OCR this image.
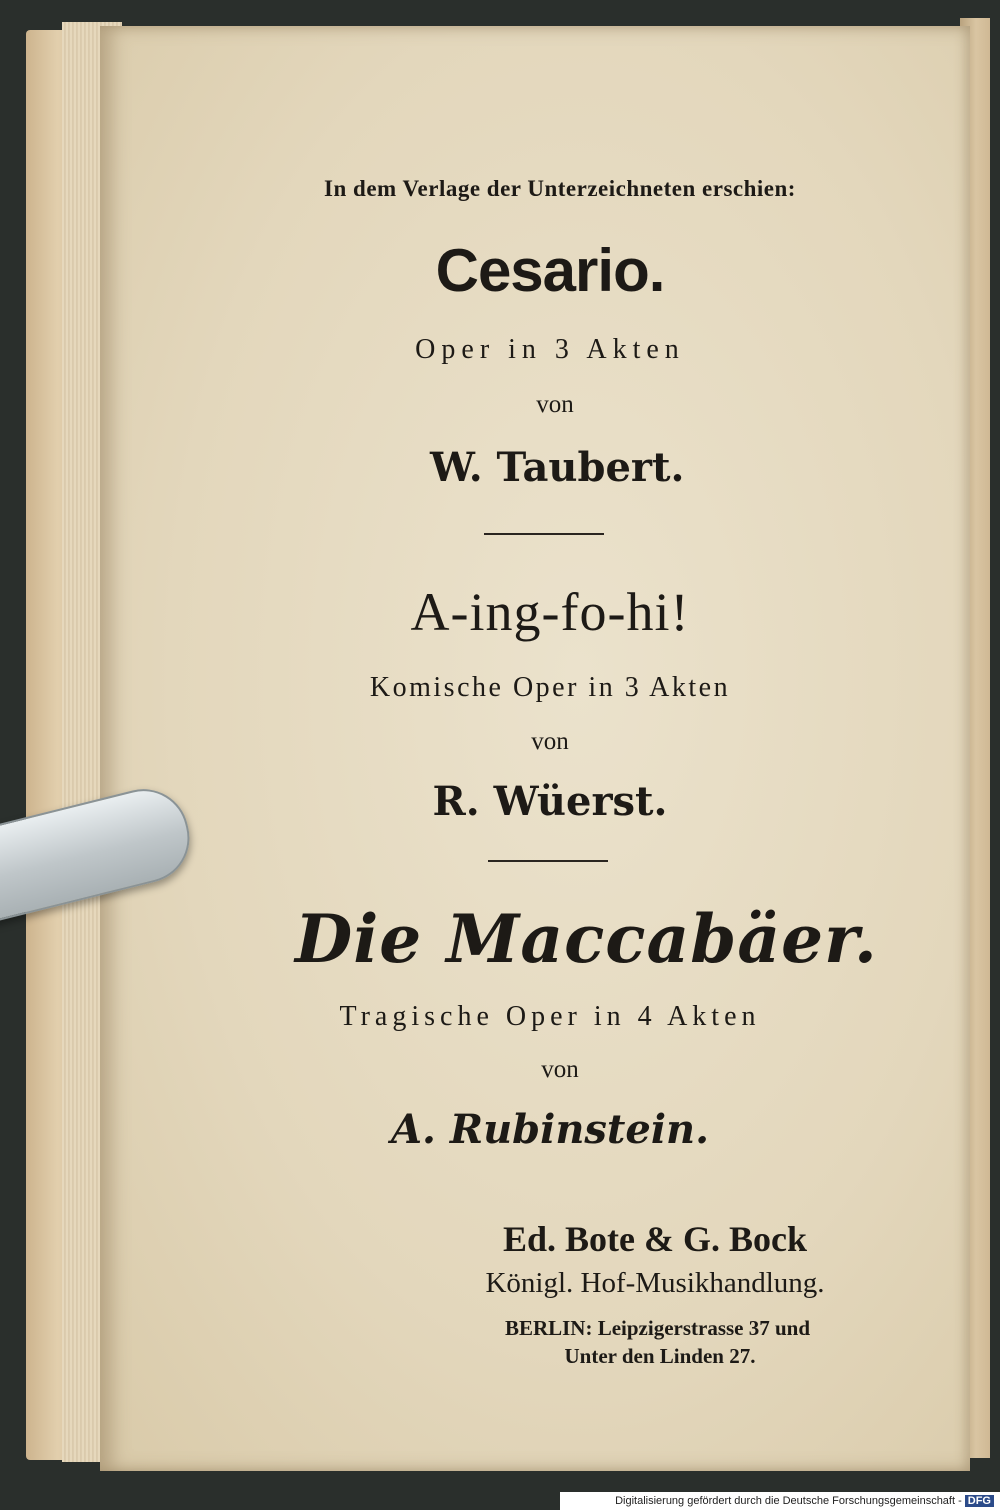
In dem Verlage der Unterzeichneten erschien:
Cesario.
Oper in 3 Akten
von
W. Taubert.
A-ing-fo-hi!
Komische Oper in 3 Akten
von
R. Wüerst.
Die Maccabäer.
Tragische Oper in 4 Akten
von
A. Rubinstein.
Ed. Bote & G. Bock
Königl. Hof-Musikhandlung.
BERLIN: Leipzigerstrasse 37 und
Unter den Linden 27.
Digitalisierung gefördert durch die Deutsche Forschungsgemeinschaft - DFG
